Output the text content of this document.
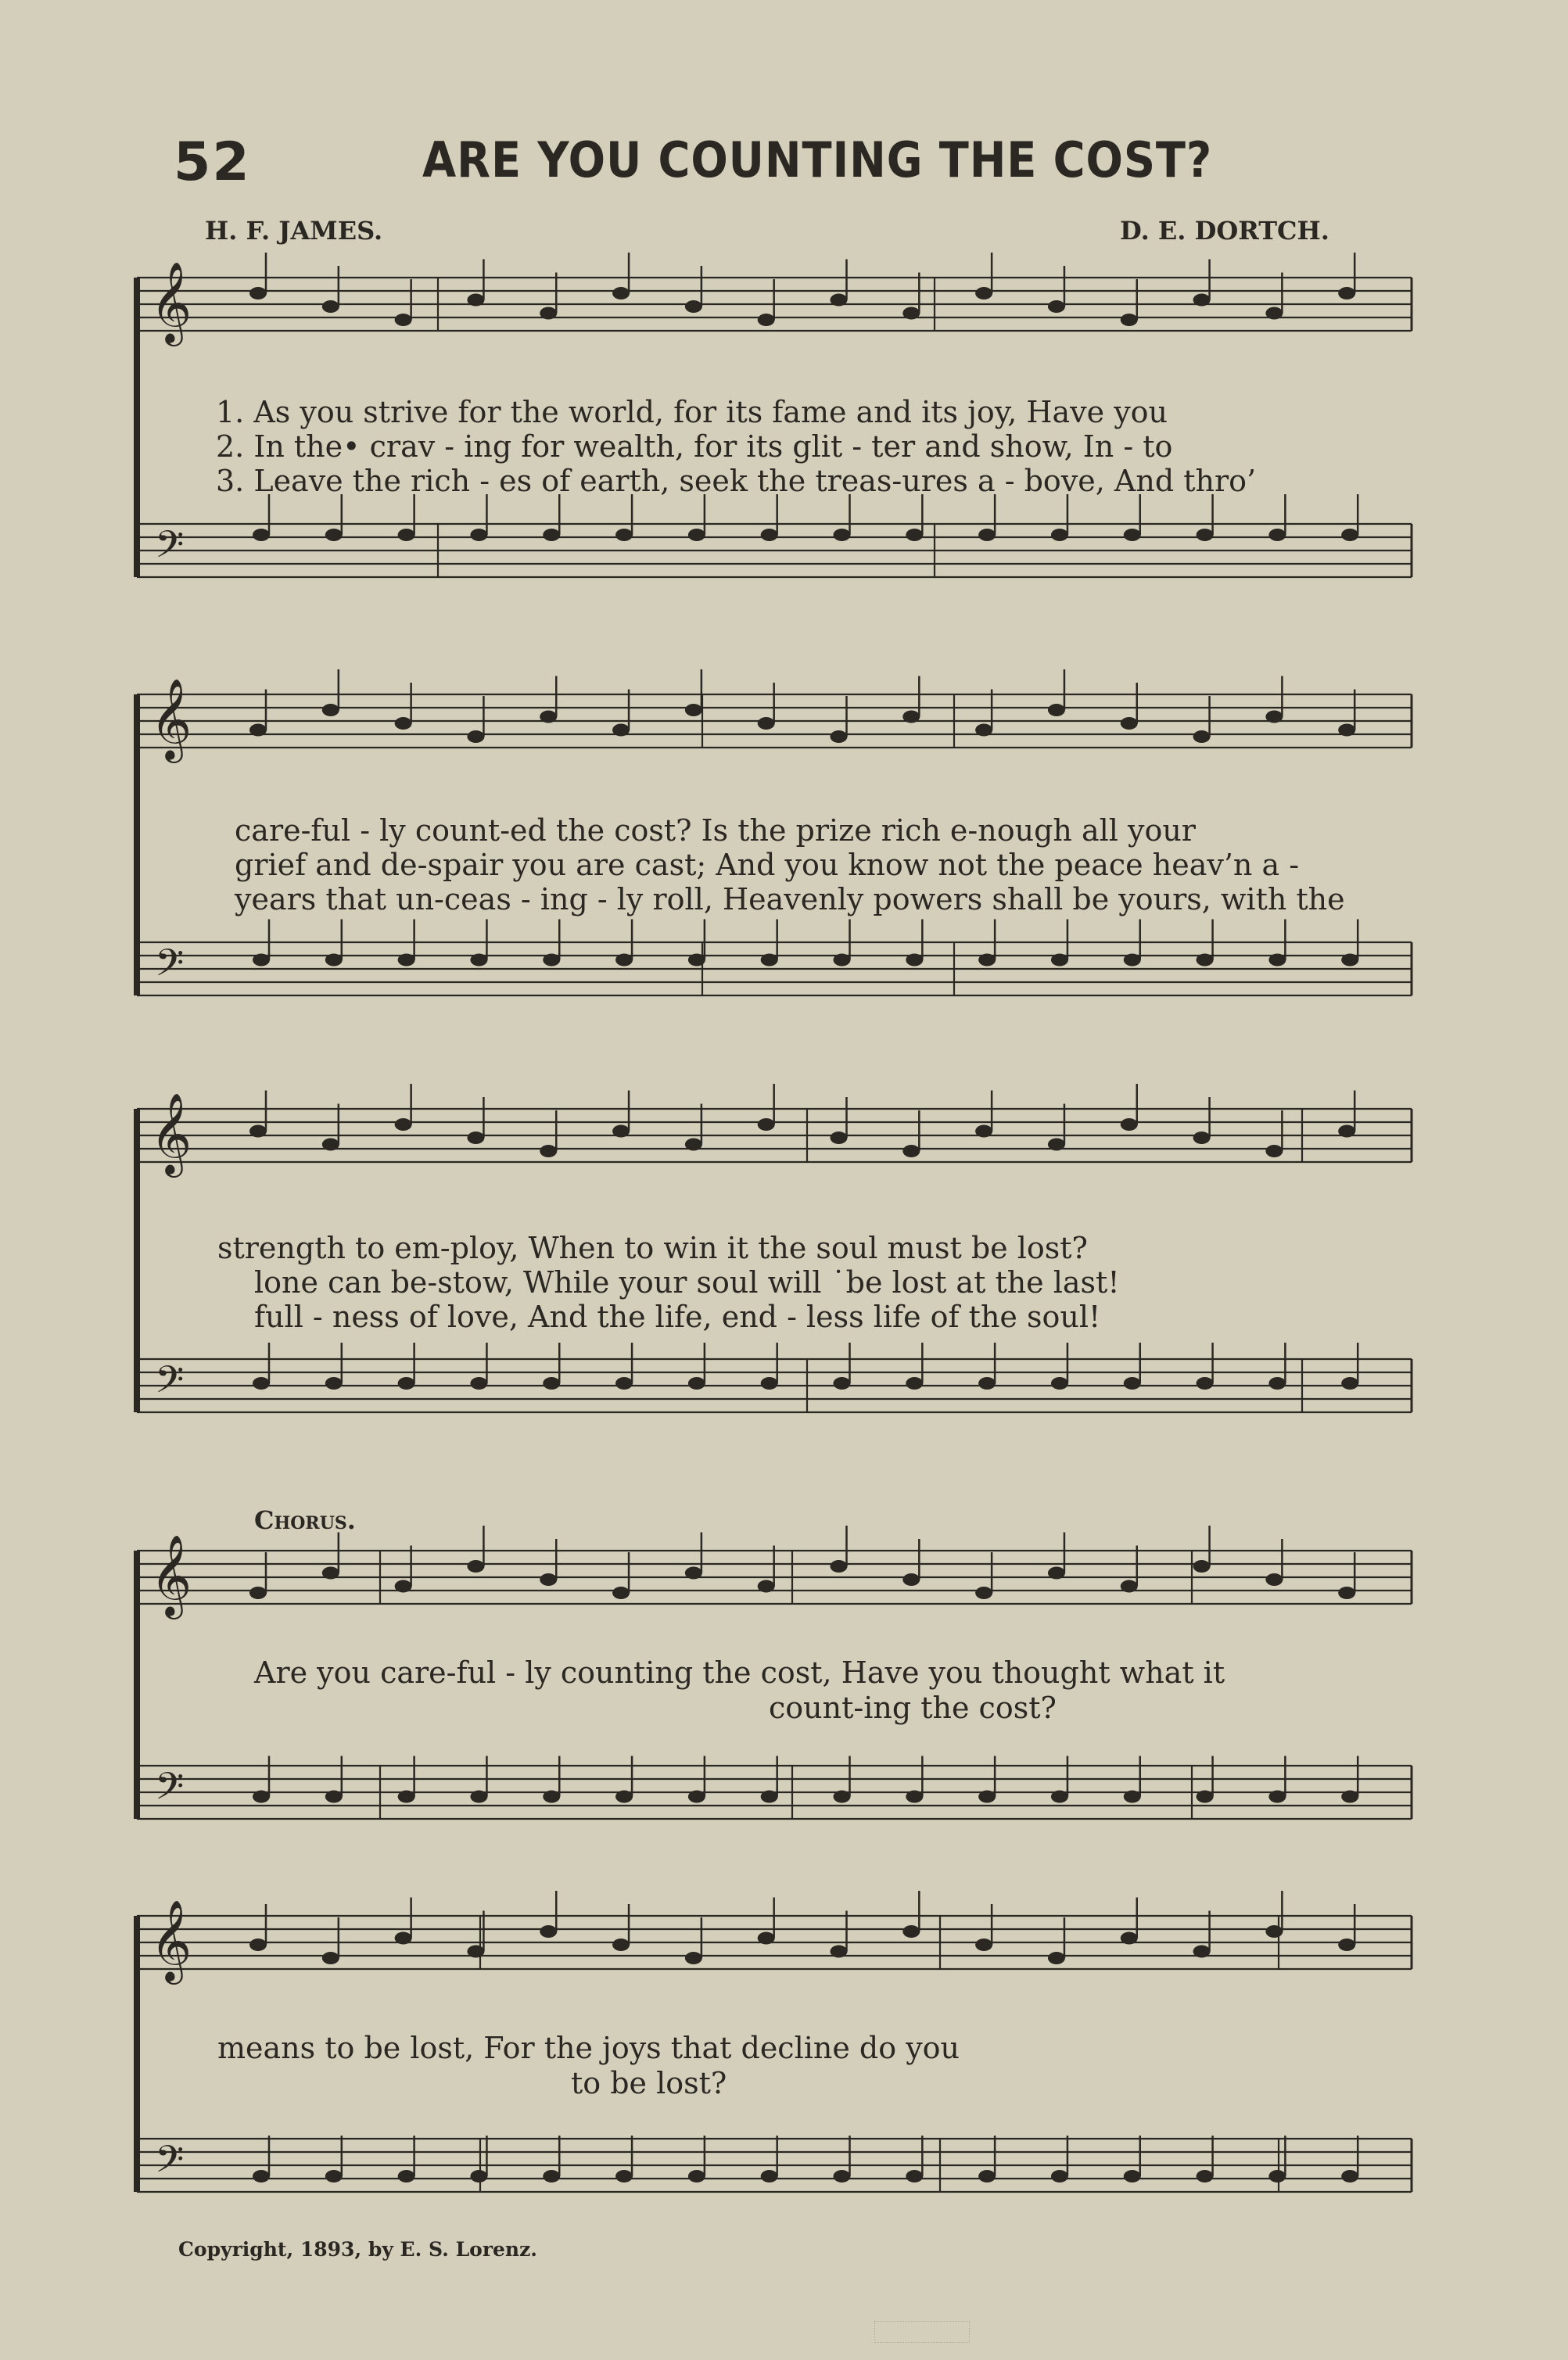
52	ARE YOU COUNTING THE COST?
H. F. JAMES.	D. E. DORTCH.
𝄞
𝄢
𝄞
𝄢
𝄞
𝄢
𝄞
𝄢
𝄞
𝄢
1. As you strive for the world, for its fame and its joy, Have you
2. In the• crav - ing for wealth, for its glit - ter and show, In - to
3. Leave the rich - es of earth, seek the treas-ures a - bove, And thro’
care-ful - ly count-ed the cost? Is the prize rich e-nough all your
grief and de-spair you are cast; And you know not the peace heav’n a -
years that un-ceas - ing - ly roll, Heavenly powers shall be yours, with the
strength to em-ploy, When to win it the soul must be lost?
lone can be-stow, While your soul will ˙be lost at the last!
full - ness of love, And the life, end - less life of the soul!
Chorus.
Are you care-ful - ly counting the cost, Have you thought what it
count-ing the cost?
means to be lost, For the joys that decline do you
to be lost?
Copyright, 1893, by E. S. Lorenz.
